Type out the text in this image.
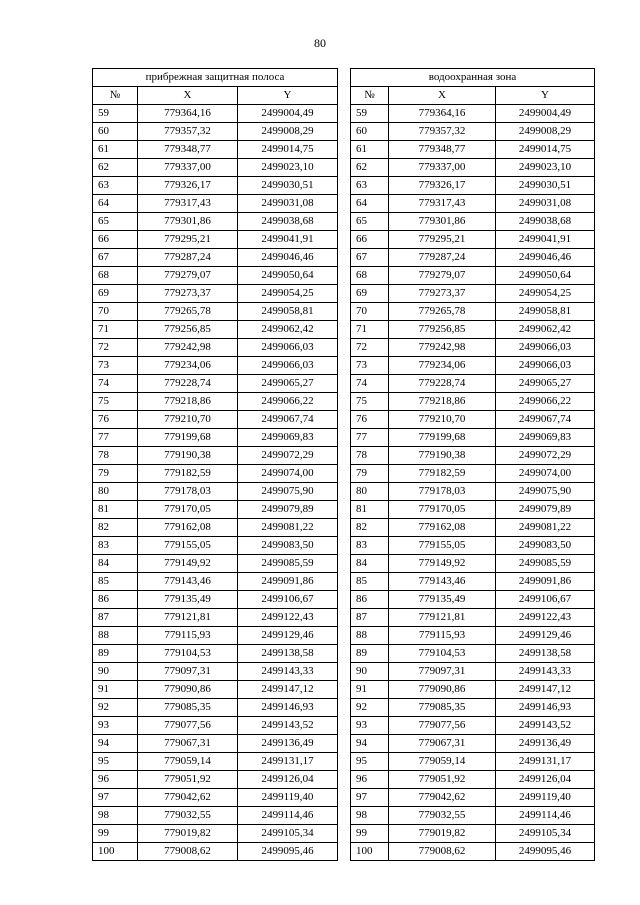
80
прибрежная защитная полоса				водоохранная зона		
№	X	Y		№	X	Y
59	779364,16	2499004,49		59	779364,16	2499004,49
60	779357,32	2499008,29		60	779357,32	2499008,29
61	779348,77	2499014,75		61	779348,77	2499014,75
62	779337,00	2499023,10		62	779337,00	2499023,10
63	779326,17	2499030,51		63	779326,17	2499030,51
64	779317,43	2499031,08		64	779317,43	2499031,08
65	779301,86	2499038,68		65	779301,86	2499038,68
66	779295,21	2499041,91		66	779295,21	2499041,91
67	779287,24	2499046,46		67	779287,24	2499046,46
68	779279,07	2499050,64		68	779279,07	2499050,64
69	779273,37	2499054,25		69	779273,37	2499054,25
70	779265,78	2499058,81		70	779265,78	2499058,81
71	779256,85	2499062,42		71	779256,85	2499062,42
72	779242,98	2499066,03		72	779242,98	2499066,03
73	779234,06	2499066,03		73	779234,06	2499066,03
74	779228,74	2499065,27		74	779228,74	2499065,27
75	779218,86	2499066,22		75	779218,86	2499066,22
76	779210,70	2499067,74		76	779210,70	2499067,74
77	779199,68	2499069,83		77	779199,68	2499069,83
78	779190,38	2499072,29		78	779190,38	2499072,29
79	779182,59	2499074,00		79	779182,59	2499074,00
80	779178,03	2499075,90		80	779178,03	2499075,90
81	779170,05	2499079,89		81	779170,05	2499079,89
82	779162,08	2499081,22		82	779162,08	2499081,22
83	779155,05	2499083,50		83	779155,05	2499083,50
84	779149,92	2499085,59		84	779149,92	2499085,59
85	779143,46	2499091,86		85	779143,46	2499091,86
86	779135,49	2499106,67		86	779135,49	2499106,67
87	779121,81	2499122,43		87	779121,81	2499122,43
88	779115,93	2499129,46		88	779115,93	2499129,46
89	779104,53	2499138,58		89	779104,53	2499138,58
90	779097,31	2499143,33		90	779097,31	2499143,33
91	779090,86	2499147,12		91	779090,86	2499147,12
92	779085,35	2499146,93		92	779085,35	2499146,93
93	779077,56	2499143,52		93	779077,56	2499143,52
94	779067,31	2499136,49		94	779067,31	2499136,49
95	779059,14	2499131,17		95	779059,14	2499131,17
96	779051,92	2499126,04		96	779051,92	2499126,04
97	779042,62	2499119,40		97	779042,62	2499119,40
98	779032,55	2499114,46		98	779032,55	2499114,46
99	779019,82	2499105,34		99	779019,82	2499105,34
100	779008,62	2499095,46		100	779008,62	2499095,46
